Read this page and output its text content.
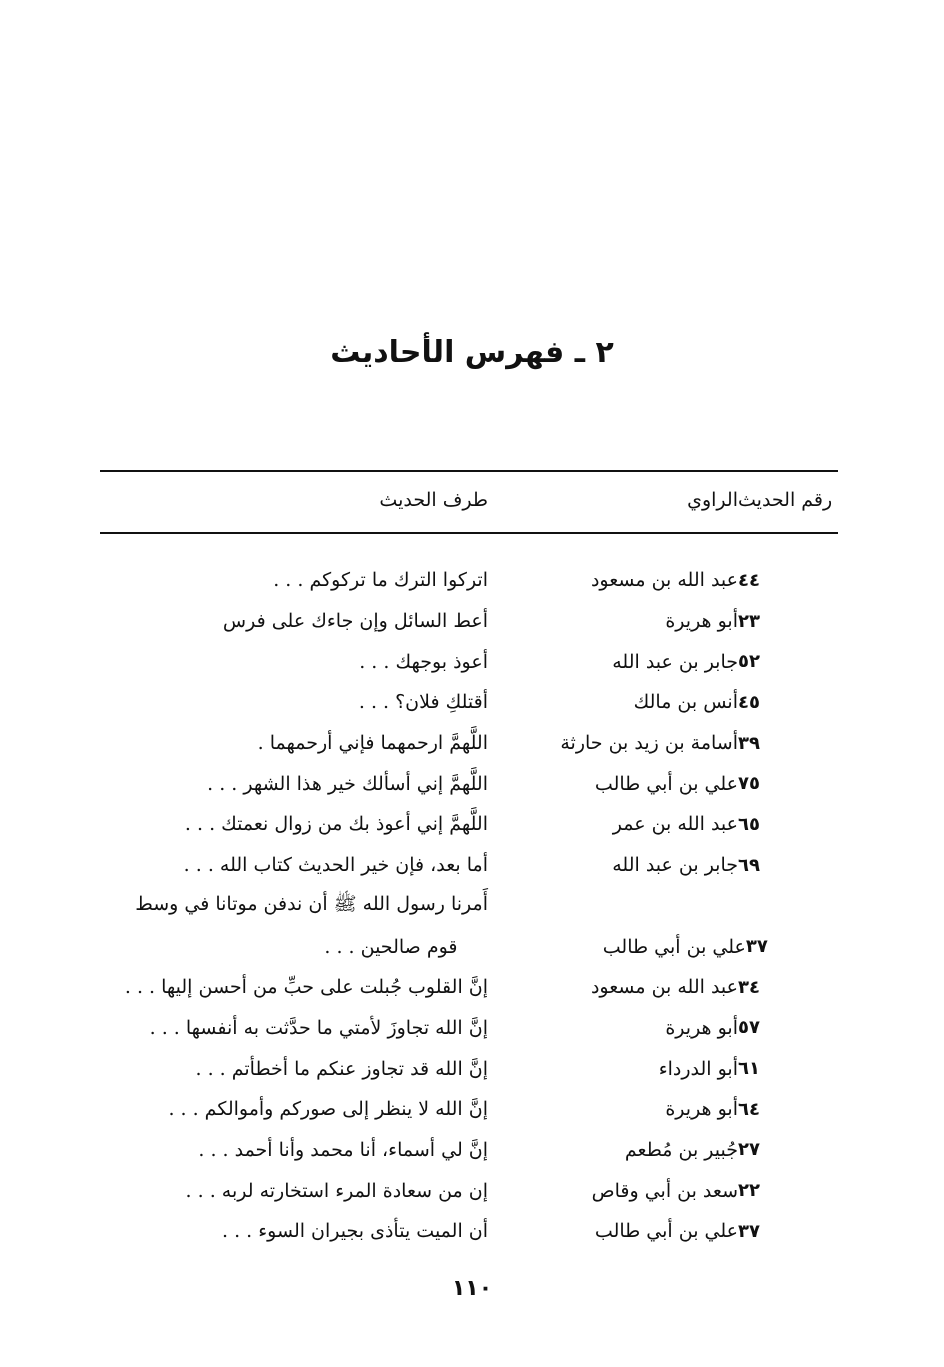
٢ ـ فهرس الأحاديث
طرف الحديث	الراوي رقم الحديث
اتركوا الترك ما تركوكم . . .	عبد الله بن مسعود ٤٤
أعط السائل وإن جاءك على فرس	أبو هريرة ٢٣
أعوذ بوجهك . . .	جابر بن عبد الله ٥٢
أقتلكِ فلان؟ . . .	أنس بن مالك ٤٥
اللَّهمَّ ارحمهما فإني أرحمهما .	أسامة بن زيد بن حارثة ٣٩
اللَّهمَّ إني أسألك خير هذا الشهر . . .	علي بن أبي طالب ٧٥
اللَّهمَّ إني أعوذ بك من زوال نعمتك . . .	عبد الله بن عمر ٦٥
أما بعد، فإن خير الحديث كتاب الله . . .	جابر بن عبد الله ٦٩
أَمرنا رسول الله ﷺ أن ندفن موتانا في وسط
قوم صالحين . . .	علي بن أبي طالب ٣٧
إنَّ القلوب جُبلت على حبِّ من أحسن إليها . . .	عبد الله بن مسعود ٣٤
إنَّ الله تجاوزَ لأمتي ما حدَّثت به أنفسها . . .	أبو هريرة ٥٧
إنَّ الله قد تجاوز عنكم ما أخطأتم . . .	أبو الدرداء ٦١
إنَّ الله لا ينظر إلى صوركم وأموالكم . . .	أبو هريرة ٦٤
إنَّ لي أسماء، أنا محمد وأنا أحمد . . .	جُبير بن مُطعم ٢٧
إن من سعادة المرء استخارته لربه . . .	سعد بن أبي وقاص ٢٢
أن الميت يتأذى بجيران السوء . . .	علي بن أبي طالب ٣٧
١١٠
